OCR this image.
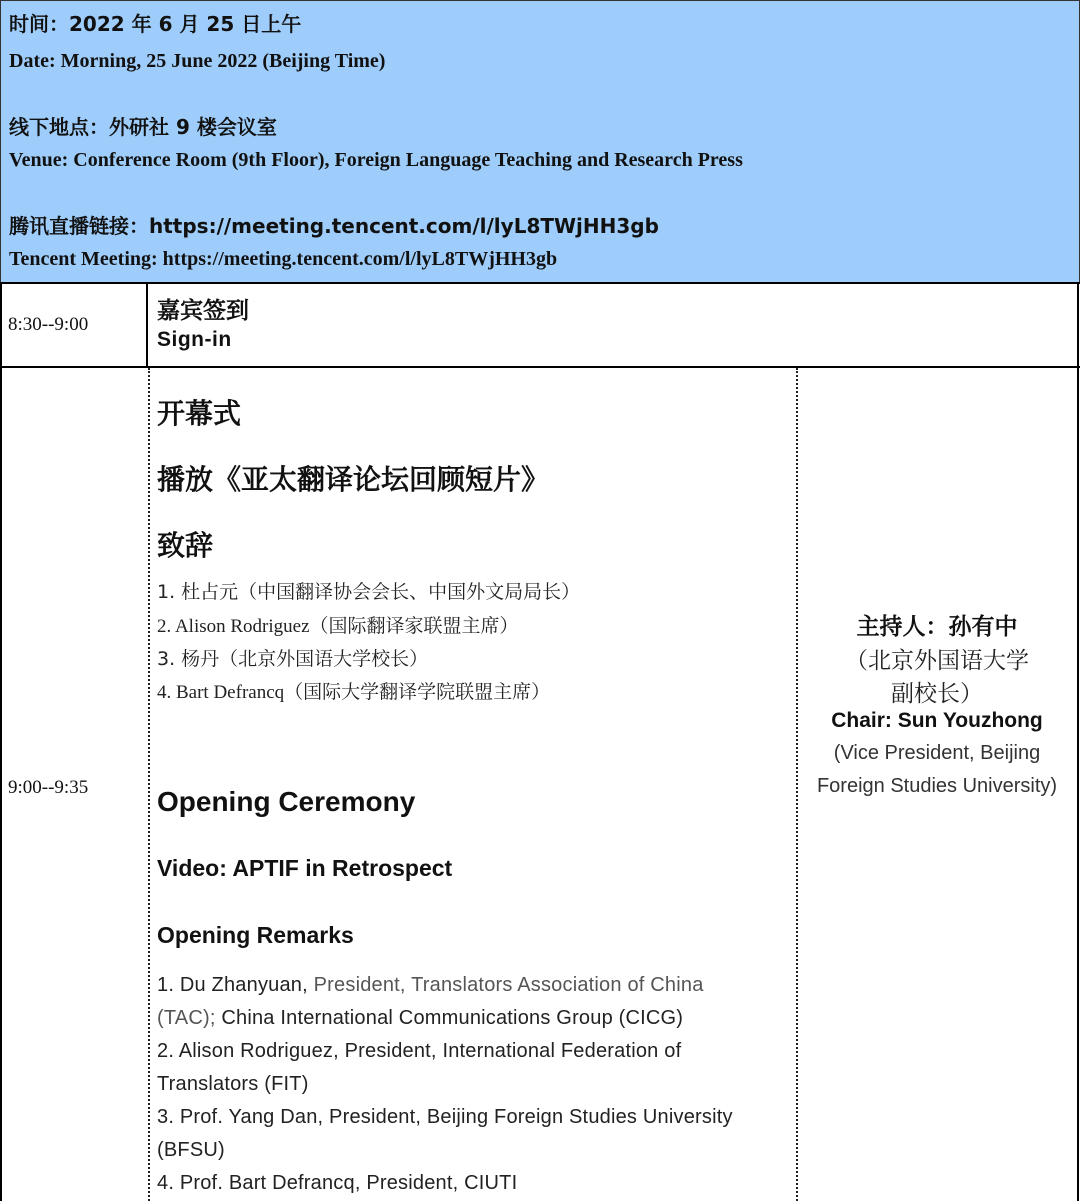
时间：2022 年 6 月 25 日上午
Date: Morning, 25 June 2022 (Beijing Time)
线下地点：外研社 9 楼会议室
Venue: Conference Room (9th Floor), Foreign Language Teaching and Research Press
腾讯直播链接：https://meeting.tencent.com/l/lyL8TWjHH3gb
Tencent Meeting: https://meeting.tencent.com/l/lyL8TWjHH3gb
8:30--9:00
嘉宾签到
Sign-in
9:00--9:35
开幕式
播放《亚太翻译论坛回顾短片》
致辞
1. 杜占元（中国翻译协会会长、中国外文局局长）
2. Alison Rodriguez（国际翻译家联盟主席）
3. 杨丹（北京外国语大学校长）
4. Bart Defrancq（国际大学翻译学院联盟主席）
Opening Ceremony
Video: APTIF in Retrospect
Opening Remarks
1. Du Zhanyuan, President, Translators Association of China
(TAC); China International Communications Group (CICG)
2. Alison Rodriguez, President, International Federation of
Translators (FIT)
3. Prof. Yang Dan, President, Beijing Foreign Studies University
(BFSU)
4. Prof. Bart Defrancq, President, CIUTI
主持人：孙有中
（北京外国语大学
副校长）
Chair: Sun Youzhong
(Vice President, Beijing
Foreign Studies University)
